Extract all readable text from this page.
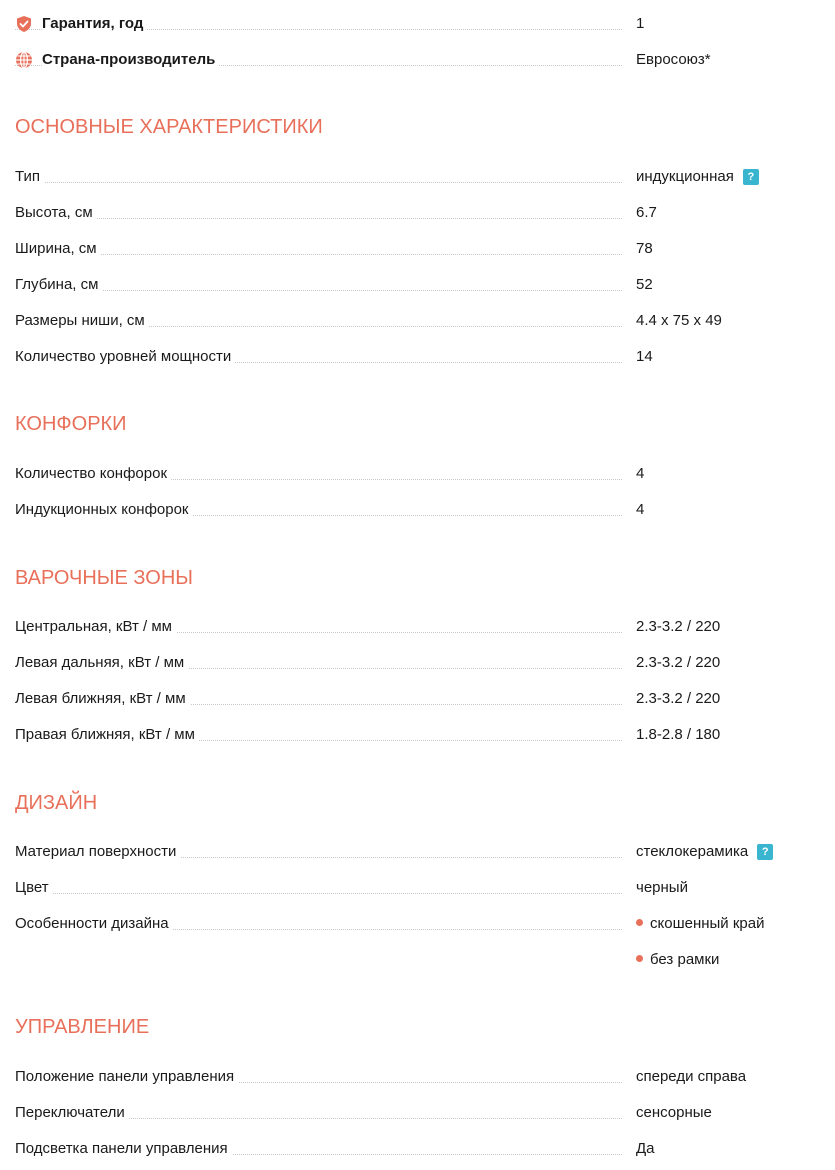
Гарантия, год	1
Страна-производитель	Евросоюз*
ОСНОВНЫЕ ХАРАКТЕРИСТИКИ
Тип	индукционная ?
Высота, см	6.7
Ширина, см	78
Глубина, см	52
Размеры ниши, см	4.4 x 75 x 49
Количество уровней мощности	14
КОНФОРКИ
Количество конфорок	4
Индукционных конфорок	4
ВАРОЧНЫЕ ЗОНЫ
Центральная, кВт / мм	2.3-3.2 / 220
Левая дальняя, кВт / мм	2.3-3.2 / 220
Левая ближняя, кВт / мм	2.3-3.2 / 220
Правая ближняя, кВт / мм	1.8-2.8 / 180
ДИЗАЙН
Материал поверхности	стеклокерамика ?
Цвет	черный
Особенности дизайна	скошенный край
без рамки
УПРАВЛЕНИЕ
Положение панели управления	спереди справа
Переключатели	сенсорные
Подсветка панели управления	Да
